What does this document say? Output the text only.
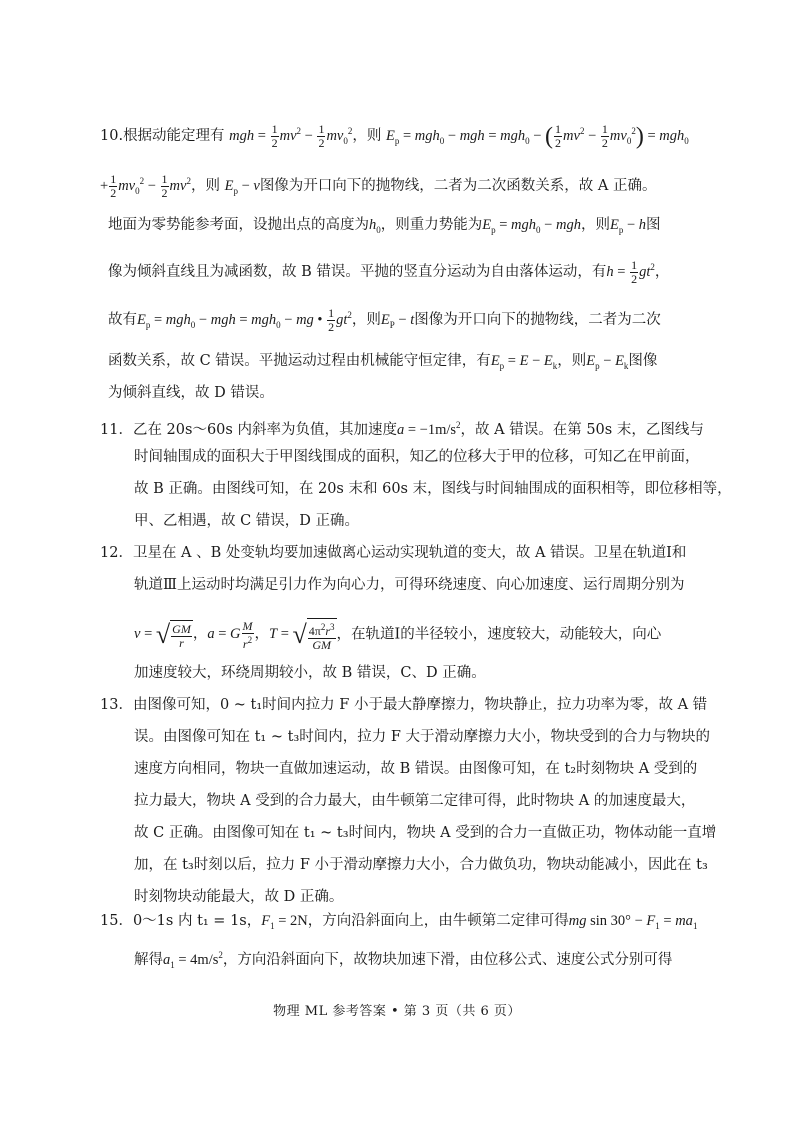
10.根据动能定理有 mgh = $\frac{1}{2} mv^2 - \frac{1}{2} mv_0^2$，则 $E_p = mgh_0$ − mgh = mgh$_0$ − ( $\frac{1}{2} mv^2 - \frac{1}{2} mv_0^2) = mgh_0$
+ $\frac{1}{2} mv_0^2 - \frac{1}{2} mv^2$，则 $E_p - v$图像为开口向下的抛物线，二者为二次函数关系，故 A 正确。
地面为零势能参考面，设抛出点的高度为$h_0$，则重力势能为$E_p = mgh_0$ − mgh，则$E_p - h$图
像为倾斜直线且为减函数，故 B 错误。平抛的竖直分运动为自由落体运动，有$h = \frac{1}{2} gt^2$，
故有$E_p = mgh_0$ − mgh = mgh$_0$ − mg • $\frac{1}{2} gt^2$，则$E_P - t$图像为开口向下的抛物线，二者为二次
函数关系，故 C 错误。平抛运动过程由机械能守恒定律，有$E_p = E - E_k$，则$E_p - E_k$图像
为倾斜直线，故 D 错误。
11．乙在 20s～60s 内斜率为负值，其加速度$a = -1m/s^2$，故 A 错误。在第 50s 末，乙图线与
时间轴围成的面积大于甲图线围成的面积，知乙的位移大于甲的位移，可知乙在甲前面，
故 B 正确。由图线可知，在 20s 末和 60s 末，图线与时间轴围成的面积相等，即位移相等，
甲、乙相遇，故 C 错误，D 正确。
12．卫星在 A 、B 处变轨均要加速做离心运动实现轨道的变大，故 A 错误。卫星在轨道Ⅰ和
轨道Ⅲ上运动时均满足引力作为向心力，可得环绕速度、向心加速度、运行周期分别为
v = √ $\frac{GM}{r}$ ，a = G $\frac{M}{r^2}$ ，T = √ $\frac{4\pi^2r^3}{GM}$ ，在轨道Ⅰ的半径较小，速度较大，动能较大，向心
加速度较大，环绕周期较小，故 B 错误，C、D 正确。
13．由图像可知，0 ~ t₁时间内拉力 F 小于最大静摩擦力，物块静止，拉力功率为零，故 A 错
误。由图像可知在 t₁ ~ t₃时间内，拉力 F 大于滑动摩擦力大小，物块受到的合力与物块的
速度方向相同，物块一直做加速运动，故 B 错误。由图像可知，在 t₂时刻物块 A 受到的
拉力最大，物块 A 受到的合力最大，由牛顿第二定律可得，此时物块 A 的加速度最大，
故 C 正确。由图像可知在 t₁ ~ t₃时间内，物块 A 受到的合力一直做正功，物体动能一直增
加，在 t₃时刻以后，拉力 F 小于滑动摩擦力大小，合力做负功，物块动能减小，因此在 t₃
时刻物块动能最大，故 D 正确。
15．0～1s 内 t₁ = 1s，$F_1 = 2N$，方向沿斜面向上，由牛顿第二定律可得mg $\sin 30^\circ - F_1 = ma_1$
解得$a_1 = 4m/s^2$，方向沿斜面向下，故物块加速下滑，由位移公式、速度公式分别可得
物理 ML 参考答案 • 第 3 页（共 6 页）
